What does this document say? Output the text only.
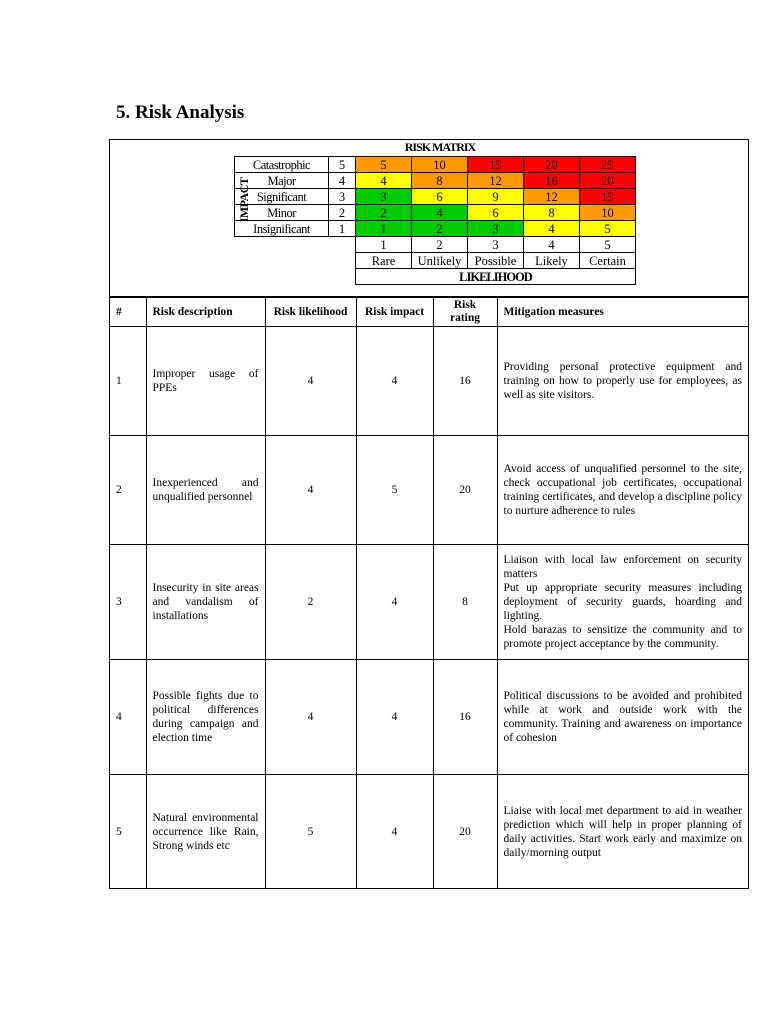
5. Risk Analysis
RISK MATRIX
IMPACT
Catastrophic	5	5	10	15	20	25
Major	4	4	8	12	16	20
Significant	3	3	6	9	12	15
Minor	2	2	4	6	8	10
Insignificant	1	1	2	3	4	5
		1	2	3	4	5
		Rare	Unlikely	Possible	Likely	Certain
		LIKELIHOOD				
#	Risk description	Risk likelihood	Risk impact	Risk rating	Mitigation measures
1	Improper usage of PPEs	4	4	16	Providing personal protective equipment and training on how to properly use for employees, as well as site visitors.

2	Inexperienced and unqualified personnel	4	5	20	Avoid access of unqualified personnel to the site, check occupational job certificates, occupational training certificates, and develop a discipline policy to nurture adherence to rules

3	Insecurity in site areas and vandalism of installations	2	4	8	Liaison with local law enforcement on security matters
Put up appropriate security measures including deployment of security guards, hoarding and lighting.
Hold barazas to sensitize the community and to promote project acceptance by the community.

4	Possible fights due to political differences during campaign and election time	4	4	16	Political discussions to be avoided and prohibited while at work and outside work with the community. Training and awareness on importance of cohesion

5	Natural environmental occurrence like Rain, Strong winds etc	5	4	20	Liaise with local met department to aid in weather prediction which will help in proper planning of daily activities. Start work early and maximize on daily/morning output
